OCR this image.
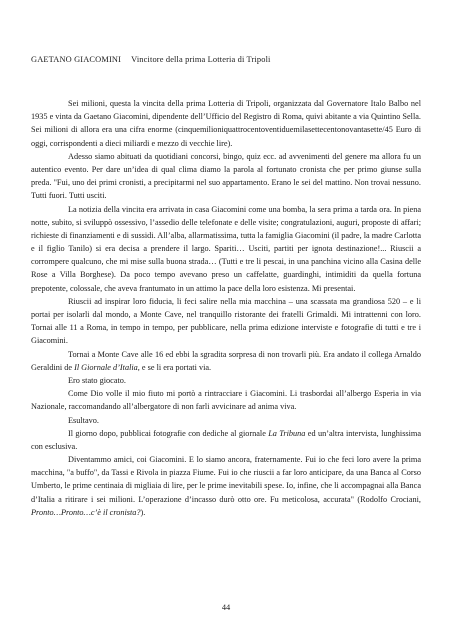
GAETANO GIACOMINI Vincitore della prima Lotteria di Tripoli

Sei milioni, questa la vincita della prima Lotteria di Tripoli, organizzata dal Governatore Italo Balbo nel 1935 e vinta da Gaetano Giacomini, dipendente dell’Ufficio del Registro di Roma, quivi abitante a via Quintino Sella. Sei milioni di allora era una cifra enorme (cinquemilioniquattrocentoventiduemilasettecentonovantasette/45 Euro di oggi, corrispondenti a dieci miliardi e mezzo di vecchie lire).

Adesso siamo abituati da quotidiani concorsi, bingo, quiz ecc. ad avvenimenti del genere ma allora fu un autentico evento. Per dare un’idea di qual clima diamo la parola al fortunato cronista che per primo giunse sulla preda. "Fui, uno dei primi cronisti, a precipitarmi nel suo appartamento. Erano le sei del mattino. Non trovai nessuno. Tutti fuori. Tutti usciti.

La notizia della vincita era arrivata in casa Giacomini come una bomba, la sera prima a tarda ora. In piena notte, subito, si sviluppò ossessivo, l’assedio delle telefonate e delle visite; congratulazioni, auguri, proposte di affari; richieste di finanziamenti e di sussidi. All’alba, allarmatissima, tutta la famiglia Giacomini (il padre, la madre Carlotta e il figlio Tanilo) si era decisa a prendere il largo. Spariti… Usciti, partiti per ignota destinazione!... Riuscii a corrompere qualcuno, che mi mise sulla buona strada… (Tutti e tre li pescai, in una panchina vicino alla Casina delle Rose a Villa Borghese). Da poco tempo avevano preso un caffelatte, guardinghi, intimiditi da quella fortuna prepotente, colossale, che aveva frantumato in un attimo la pace della loro esistenza. Mi presentai.

Riuscii ad inspirar loro fiducia, li feci salire nella mia macchina – una scassata ma grandiosa 520 – e li portai per isolarli dal mondo, a Monte Cave, nel tranquillo ristorante dei fratelli Grimaldi. Mi intrattenni con loro. Tornai alle 11 a Roma, in tempo in tempo, per pubblicare, nella prima edizione interviste e fotografie di tutti e tre i Giacomini.

Tornai a Monte Cave alle 16 ed ebbi la sgradita sorpresa di non trovarli più. Era andato il collega Arnaldo Geraldini de Il Giornale d’Italia, e se li era portati via.

Ero stato giocato.

Come Dio volle il mio fiuto mi portò a rintracciare i Giacomini. Li trasbordai all’albergo Esperia in via Nazionale, raccomandando all’albergatore di non farli avvicinare ad anima viva.

Esultavo.

Il giorno dopo, pubblicai fotografie con dediche al giornale La Tribuna ed un’altra intervista, lunghissima con esclusiva.

Diventammo amici, coi Giacomini. E lo siamo ancora, fraternamente. Fui io che feci loro avere la prima macchina, "a buffo", da Tassi e Rivola in piazza Fiume. Fui io che riuscii a far loro anticipare, da una Banca al Corso Umberto, le prime centinaia di migliaia di lire, per le prime inevitabili spese. Io, infine, che li accompagnai alla Banca d’Italia a ritirare i sei milioni. L’operazione d’incasso durò otto ore. Fu meticolosa, accurata" (Rodolfo Crociani, Pronto…Pronto…c’è il cronista?).

44
